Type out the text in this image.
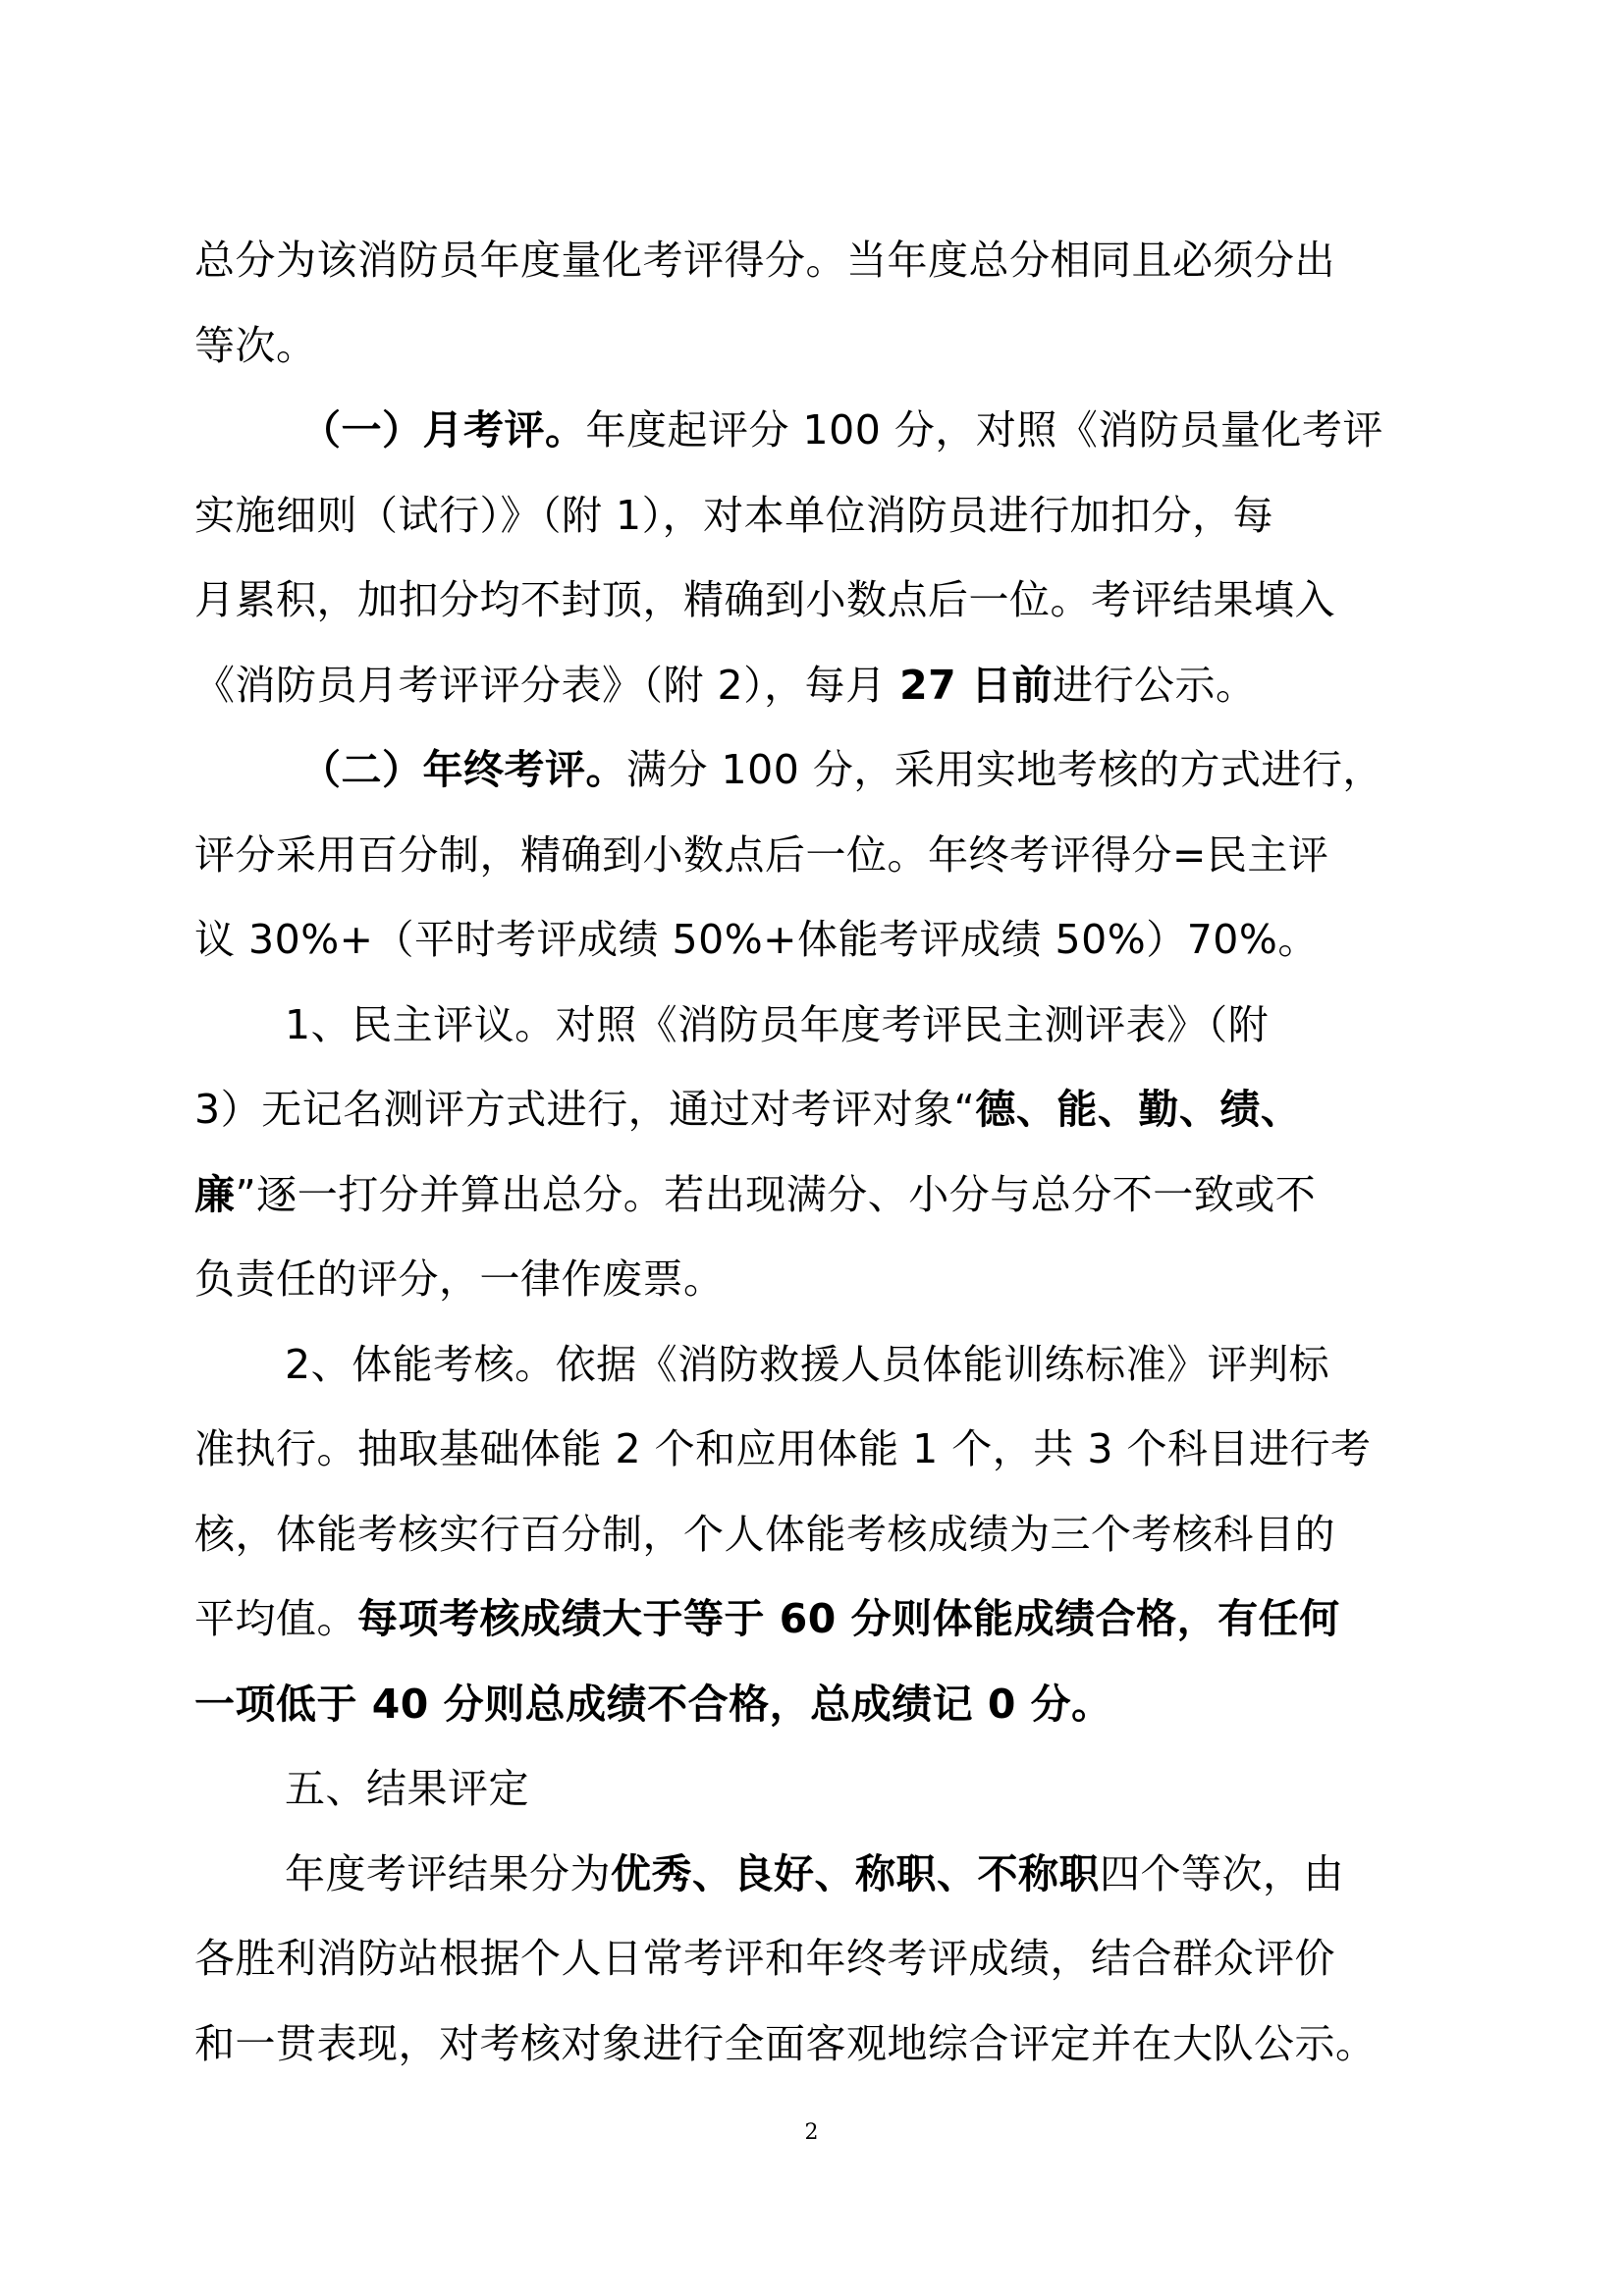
总分为该消防员年度量化考评得分。当年度总分相同且必须分出
等次。
（一）月考评。年度起评分 100 分，对照《消防员量化考评
实施细则（试行）》（附 1），对本单位消防员进行加扣分，每
月累积，加扣分均不封顶，精确到小数点后一位。考评结果填入
《消防员月考评评分表》（附 2），每月 27 日前进行公示。
（二）年终考评。满分 100 分，采用实地考核的方式进行，
评分采用百分制，精确到小数点后一位。年终考评得分=民主评
议 30%+（平时考评成绩 50%+体能考评成绩 50%）70%。
1、民主评议。对照《消防员年度考评民主测评表》（附
3）无记名测评方式进行，通过对考评对象“德、能、勤、绩、
廉”逐一打分并算出总分。若出现满分、小分与总分不一致或不
负责任的评分，一律作废票。
2、体能考核。依据《消防救援人员体能训练标准》评判标
准执行。抽取基础体能 2 个和应用体能 1 个，共 3 个科目进行考
核，体能考核实行百分制，个人体能考核成绩为三个考核科目的
平均值。每项考核成绩大于等于 60 分则体能成绩合格，有任何
一项低于 40 分则总成绩不合格，总成绩记 0 分。
五、结果评定
年度考评结果分为优秀、良好、称职、不称职四个等次，由
各胜利消防站根据个人日常考评和年终考评成绩，结合群众评价
和一贯表现，对考核对象进行全面客观地综合评定并在大队公示。
2
